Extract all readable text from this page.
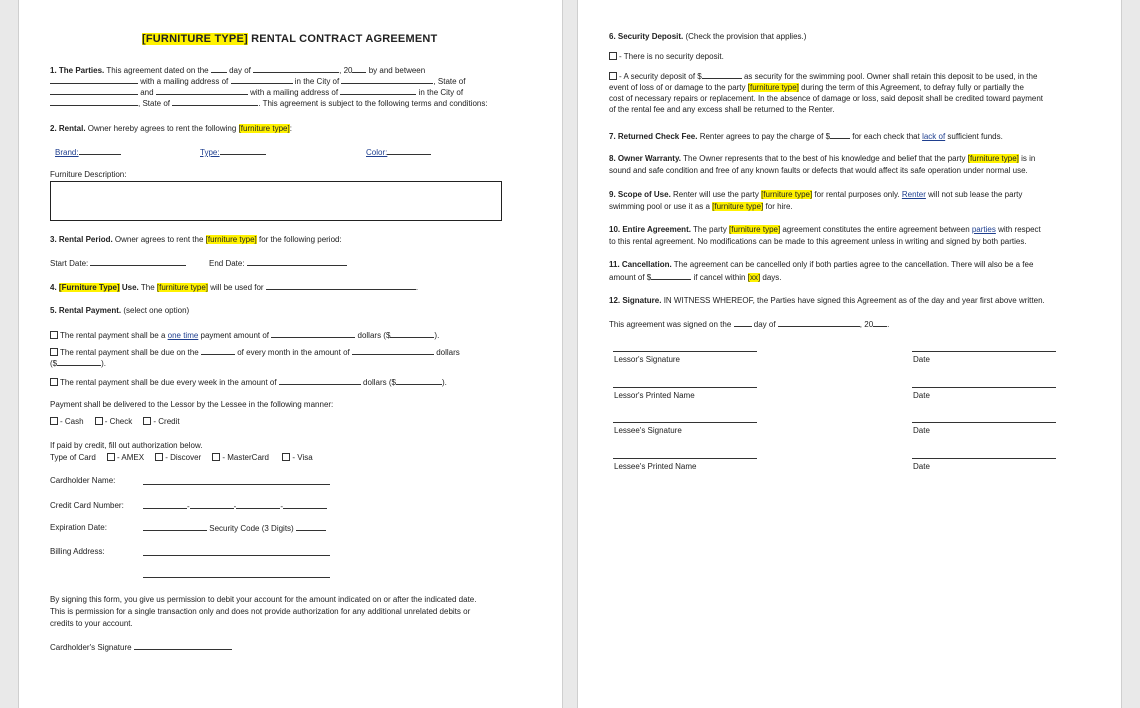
[FURNITURE TYPE] RENTAL CONTRACT AGREEMENT
1. The Parties. This agreement dated on the	day of	, 20 by and between
with a mailing address of	in the City of	, State of
and	with a mailing address of	in the City of
, State of	. This agreement is subject to the following terms and conditions:
2. Rental. Owner hereby agrees to rent the following [furniture type]:
Brand:	Type:	Color:
Furniture Description:
3. Rental Period. Owner agrees to rent the [furniture type] for the following period:
Start Date:	End Date:
4. [Furniture Type] Use. The [furniture type] will be used for	.
5. Rental Payment. (select one option)
The rental payment shall be a one time payment amount of	dollars ($	).
The rental payment shall be due on the	of every month in the amount of	dollars
($	).
The rental payment shall be due every week in the amount of	dollars ($	).
Payment shall be delivered to the Lessor by the Lessee in the following manner:
- Cash	- Check	- Credit
If paid by credit, fill out authorization below.
Type of Card	- AMEX	- Discover	- MasterCard	- Visa
Cardholder Name:
Credit Card Number:	-	-	-
Expiration Date:	Security Code (3 Digits)
Billing Address:
By signing this form, you give us permission to debit your account for the amount indicated on or after the indicated date.
This is permission for a single transaction only and does not provide authorization for any additional unrelated debits or
credits to your account.
Cardholder's Signature
6. Security Deposit. (Check the provision that applies.)
- There is no security deposit.
- A security deposit of $	as security for the swimming pool. Owner shall retain this deposit to be used, in the
event of loss of or damage to the party [furniture type] during the term of this Agreement, to defray fully or partially the
cost of necessary repairs or replacement. In the absence of damage or loss, said deposit shall be credited toward payment
of the rental fee and any excess shall be returned to the Renter.
7. Returned Check Fee. Renter agrees to pay the charge of $	for each check that lack of sufficient funds.
8. Owner Warranty. The Owner represents that to the best of his knowledge and belief that the party [furniture type] is in
sound and safe condition and free of any known faults or defects that would affect its safe operation under normal use.
9. Scope of Use. Renter will use the party [furniture type] for rental purposes only. Renter will not sub lease the party
swimming pool or use it as a [furniture type] for hire.
10. Entire Agreement. The party [furniture type] agreement constitutes the entire agreement between parties with respect
to this rental agreement. No modifications can be made to this agreement unless in writing and signed by both parties.
11. Cancellation. The agreement can be cancelled only if both parties agree to the cancellation. There will also be a fee
amount of $	if cancel within [xx] days.
12. Signature. IN WITNESS WHEREOF, the Parties have signed this Agreement as of the day and year first above written.
This agreement was signed on the	day of	, 20 .
Lessor's Signature	Date
Lessor's Printed Name	Date
Lessee's Signature	Date
Lessee's Printed Name	Date
